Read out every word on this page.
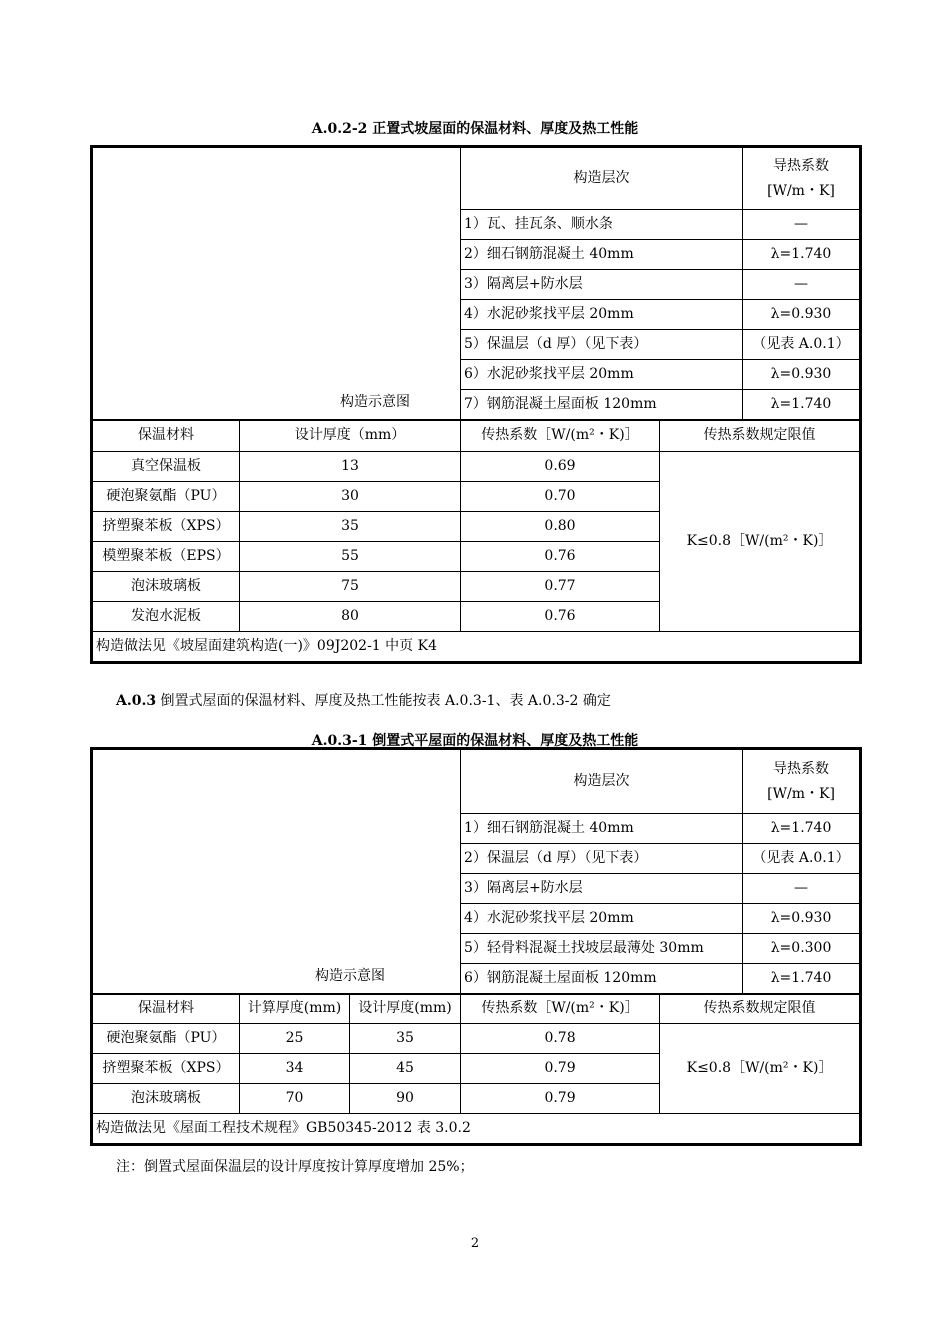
A.0.2-2 正置式坡屋面的保温材料、厚度及热工性能
构造示意图		构造层次		导热系数
[W/m・K]

		1）瓦、挂瓦条、顺水条		—
		2）细石钢筋混凝土 40mm		λ=1.740
		3）隔离层+防水层		—
		4）水泥砂浆找平层 20mm		λ=0.930
		5）保温层（d 厚）（见下表）		（见表 A.0.1）
		6）水泥砂浆找平层 20mm		λ=0.930
		7）钢筋混凝土屋面板 120mm		λ=1.740
保温材料	设计厚度（mm）	传热系数［W/(m²・K)］	传热系数规定限值	
真空保温板	13	0.69	K≤0.8［W/(m²・K)］	
硬泡聚氨酯（PU）	30	0.70		
挤塑聚苯板（XPS）	35	0.80		
模塑聚苯板（EPS）	55	0.76		
泡沫玻璃板	75	0.77		
发泡水泥板	80	0.76		
构造做法见《坡屋面建筑构造(一)》09J202-1 中页 K4				
A.0.3 倒置式屋面的保温材料、厚度及热工性能按表 A.0.3-1、表 A.0.3-2 确定
A.0.3-1 倒置式平屋面的保温材料、厚度及热工性能
构造示意图			构造层次		导热系数
[W/m・K]

			1）细石钢筋混凝土 40mm		λ=1.740
			2）保温层（d 厚）（见下表）		（见表 A.0.1）
			3）隔离层+防水层		—
			4）水泥砂浆找平层 20mm		λ=0.930
			5）轻骨料混凝土找坡层最薄处 30mm		λ=0.300
			6）钢筋混凝土屋面板 120mm		λ=1.740
保温材料	计算厚度(mm)	设计厚度(mm)	传热系数［W/(m²・K)］	传热系数规定限值	
硬泡聚氨酯（PU）	25	35	0.78	K≤0.8［W/(m²・K)］	
挤塑聚苯板（XPS）	34	45	0.79		
泡沫玻璃板	70	90	0.79		
构造做法见《屋面工程技术规程》GB50345-2012 表 3.0.2					
注：倒置式屋面保温层的设计厚度按计算厚度增加 25%；
2
